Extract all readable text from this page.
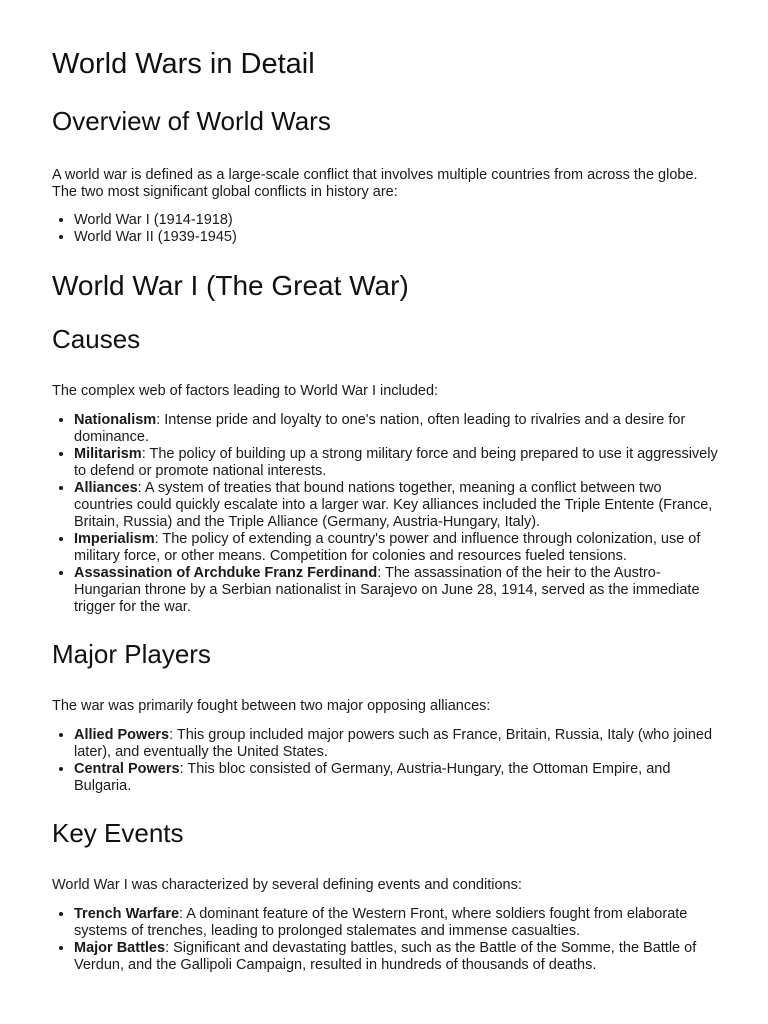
World Wars in Detail
Overview of World Wars

A world war is defined as a large-scale conflict that involves multiple countries from across the globe. The two most significant global conflicts in history are:

• World War I (1914-1918)
• World War II (1939-1945)
World War I (The Great War)
Causes

The complex web of factors leading to World War I included:

• Nationalism: Intense pride and loyalty to one's nation, often leading to rivalries and a desire for dominance.
• Militarism: The policy of building up a strong military force and being prepared to use it aggressively to defend or promote national interests.
• Alliances: A system of treaties that bound nations together, meaning a conflict between two countries could quickly escalate into a larger war. Key alliances included the Triple Entente (France, Britain, Russia) and the Triple Alliance (Germany, Austria-Hungary, Italy).
• Imperialism: The policy of extending a country's power and influence through colonization, use of military force, or other means. Competition for colonies and resources fueled tensions.
• Assassination of Archduke Franz Ferdinand: The assassination of the heir to the Austro-Hungarian throne by a Serbian nationalist in Sarajevo on June 28, 1914, served as the immediate trigger for the war.
Major Players

The war was primarily fought between two major opposing alliances:

• Allied Powers: This group included major powers such as France, Britain, Russia, Italy (who joined later), and eventually the United States.
• Central Powers: This bloc consisted of Germany, Austria-Hungary, the Ottoman Empire, and Bulgaria.
Key Events

World War I was characterized by several defining events and conditions:

• Trench Warfare: A dominant feature of the Western Front, where soldiers fought from elaborate systems of trenches, leading to prolonged stalemates and immense casualties.
• Major Battles: Significant and devastating battles, such as the Battle of the Somme, the Battle of Verdun, and the Gallipoli Campaign, resulted in hundreds of thousands of deaths.
